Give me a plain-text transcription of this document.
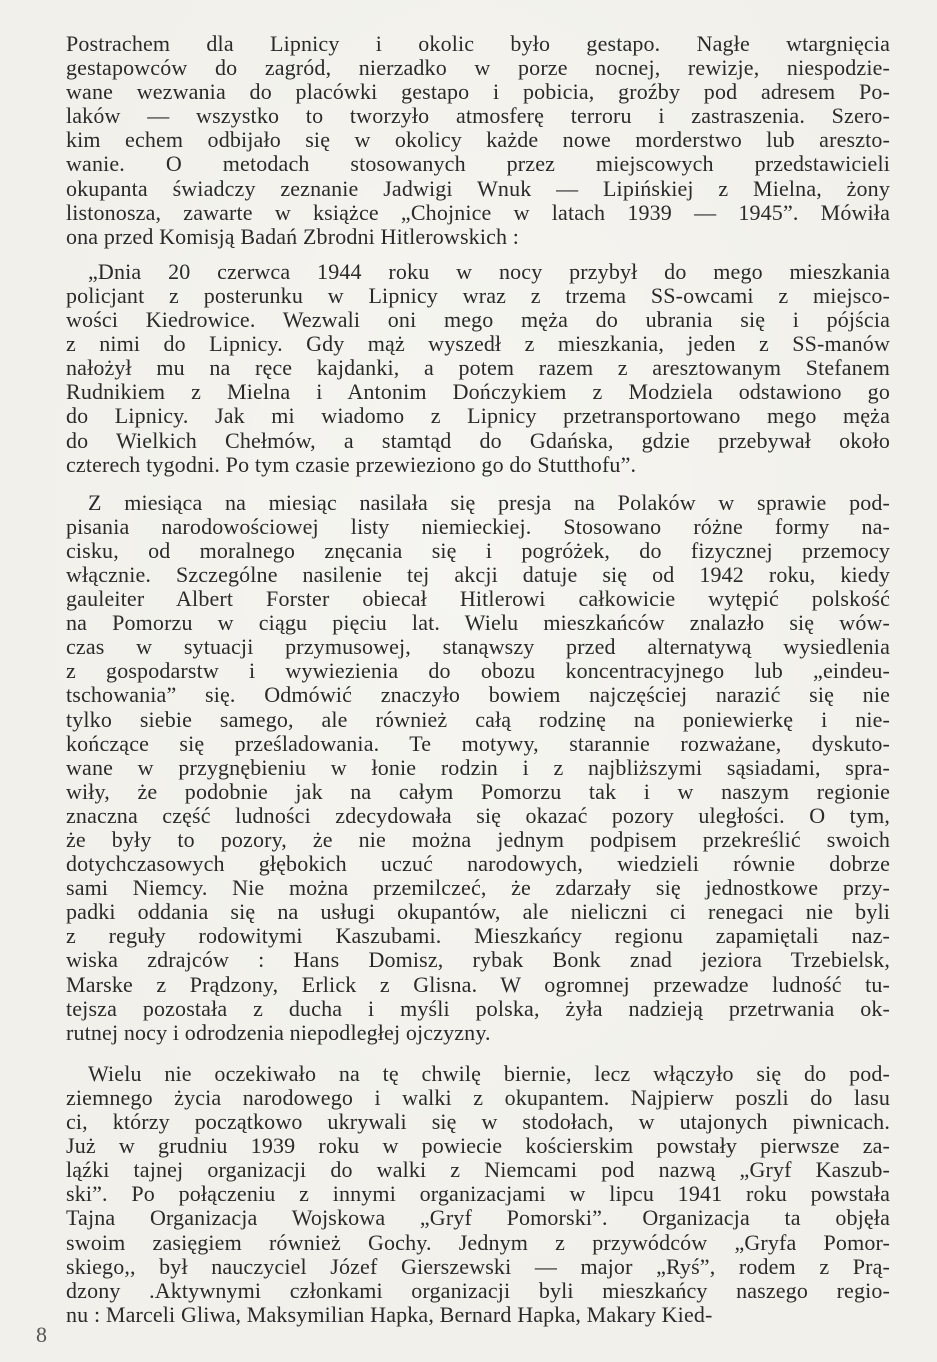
Postrachem dla Lipnicy i okolic było gestapo. Nagłe wtargnięcia
gestapowców do zagród, nierzadko w porze nocnej, rewizje, niespodzie-
wane wezwania do placówki gestapo i pobicia, groźby pod adresem Po-
laków — wszystko to tworzyło atmosferę terroru i zastraszenia. Szero-
kim echem odbijało się w okolicy każde nowe morderstwo lub areszto-
wanie. O metodach stosowanych przez miejscowych przedstawicieli
okupanta świadczy zeznanie Jadwigi Wnuk — Lipińskiej z Mielna, żony
listonosza, zawarte w książce „Chojnice w latach 1939 — 1945”. Mówiła
ona przed Komisją Badań Zbrodni Hitlerowskich :

„Dnia 20 czerwca 1944 roku w nocy przybył do mego mieszkania
policjant z posterunku w Lipnicy wraz z trzema SS-owcami z miejsco-
wości Kiedrowice. Wezwali oni mego męża do ubrania się i pójścia
z nimi do Lipnicy. Gdy mąż wyszedł z mieszkania, jeden z SS-manów
nałożył mu na ręce kajdanki, a potem razem z aresztowanym Stefanem
Rudnikiem z Mielna i Antonim Dończykiem z Modziela odstawiono go
do Lipnicy. Jak mi wiadomo z Lipnicy przetransportowano mego męża
do Wielkich Chełmów, a stamtąd do Gdańska, gdzie przebywał około
czterech tygodni. Po tym czasie przewieziono go do Stutthofu”.

Z miesiąca na miesiąc nasilała się presja na Polaków w sprawie pod-
pisania narodowościowej listy niemieckiej. Stosowano różne formy na-
cisku, od moralnego znęcania się i pogróżek, do fizycznej przemocy
włącznie. Szczególne nasilenie tej akcji datuje się od 1942 roku, kiedy
gauleiter Albert Forster obiecał Hitlerowi całkowicie wytępić polskość
na Pomorzu w ciągu pięciu lat. Wielu mieszkańców znalazło się wów-
czas w sytuacji przymusowej, stanąwszy przed alternatywą wysiedlenia
z gospodarstw i wywiezienia do obozu koncentracyjnego lub „eindeu-
tschowania” się. Odmówić znaczyło bowiem najczęściej narazić się nie
tylko siebie samego, ale również całą rodzinę na poniewierkę i nie-
kończące się prześladowania. Te motywy, starannie rozważane, dyskuto-
wane w przygnębieniu w łonie rodzin i z najbliższymi sąsiadami, spra-
wiły, że podobnie jak na całym Pomorzu tak i w naszym regionie
znaczna część ludności zdecydowała się okazać pozory uległości. O tym,
że były to pozory, że nie można jednym podpisem przekreślić swoich
dotychczasowych głębokich uczuć narodowych, wiedzieli równie dobrze
sami Niemcy. Nie można przemilczeć, że zdarzały się jednostkowe przy-
padki oddania się na usługi okupantów, ale nieliczni ci renegaci nie byli
z reguły rodowitymi Kaszubami. Mieszkańcy regionu zapamiętali naz-
wiska zdrajców : Hans Domisz, rybak Bonk znad jeziora Trzebielsk,
Marske z Prądzony, Erlick z Glisna. W ogromnej przewadze ludność tu-
tejsza pozostała z ducha i myśli polska, żyła nadzieją przetrwania ok-
rutnej nocy i odrodzenia niepodległej ojczyzny.

Wielu nie oczekiwało na tę chwilę biernie, lecz włączyło się do pod-
ziemnego życia narodowego i walki z okupantem. Najpierw poszli do lasu
ci, którzy początkowo ukrywali się w stodołach, w utajonych piwnicach.
Już w grudniu 1939 roku w powiecie kościerskim powstały pierwsze za-
ląźki tajnej organizacji do walki z Niemcami pod nazwą „Gryf Kaszub-
ski”. Po połączeniu z innymi organizacjami w lipcu 1941 roku powstała
Tajna Organizacja Wojskowa „Gryf Pomorski”. Organizacja ta objęła
swoim zasięgiem również Gochy. Jednym z przywódców „Gryfa Pomor-
skiego,, był nauczyciel Józef Gierszewski — major „Ryś”, rodem z Prą-
dzony .Aktywnymi członkami organizacji byli mieszkańcy naszego regio-
nu : Marceli Gliwa, Maksymilian Hapka, Bernard Hapka, Makary Kied-

8
